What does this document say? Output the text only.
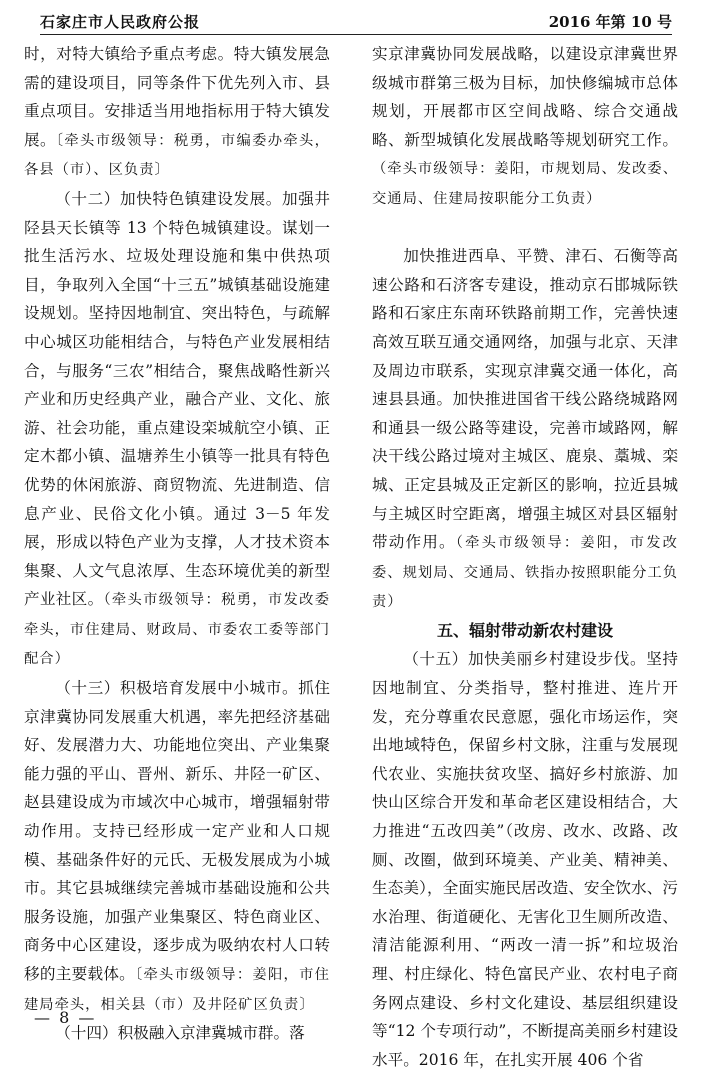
石家庄市人民政府公报	2016 年第 10 号

时，对特大镇给予重点考虑。特大镇发展急需的建设项目，同等条件下优先列入市、县重点项目。安排适当用地指标用于特大镇发展。〔牵头市级领导：税勇，市编委办牵头，各县（市）、区负责〕

（十二）加快特色镇建设发展。加强井陉县天长镇等 13 个特色城镇建设。谋划一批生活污水、垃圾处理设施和集中供热项目，争取列入全国“十三五”城镇基础设施建设规划。坚持因地制宜、突出特色，与疏解中心城区功能相结合，与特色产业发展相结合，与服务“三农”相结合，聚焦战略性新兴产业和历史经典产业，融合产业、文化、旅游、社会功能，重点建设栾城航空小镇、正定木都小镇、温塘养生小镇等一批具有特色优势的休闲旅游、商贸物流、先进制造、信息产业、民俗文化小镇。通过 3－5 年发展，形成以特色产业为支撑，人才技术资本集聚、人文气息浓厚、生态环境优美的新型产业社区。（牵头市级领导：税勇，市发改委牵头，市住建局、财政局、市委农工委等部门配合）

（十三）积极培育发展中小城市。抓住京津冀协同发展重大机遇，率先把经济基础好、发展潜力大、功能地位突出、产业集聚能力强的平山、晋州、新乐、井陉一矿区、赵县建设成为市域次中心城市，增强辐射带动作用。支持已经形成一定产业和人口规模、基础条件好的元氏、无极发展成为小城市。其它县城继续完善城市基础设施和公共服务设施，加强产业集聚区、特色商业区、商务中心区建设，逐步成为吸纳农村人口转移的主要载体。〔牵头市级领导：姜阳，市住建局牵头，相关县（市）及井陉矿区负责〕

（十四）积极融入京津冀城市群。落

实京津冀协同发展战略，以建设京津冀世界级城市群第三极为目标，加快修编城市总体规划，开展都市区空间战略、综合交通战略、新型城镇化发展战略等规划研究工作。（牵头市级领导：姜阳，市规划局、发改委、交通局、住建局按职能分工负责）

加快推进西阜、平赞、津石、石衡等高速公路和石济客专建设，推动京石邯城际铁路和石家庄东南环铁路前期工作，完善快速高效互联互通交通网络，加强与北京、天津及周边市联系，实现京津冀交通一体化，高速县县通。加快推进国省干线公路绕城路网和通县一级公路等建设，完善市域路网，解决干线公路过境对主城区、鹿泉、藁城、栾城、正定县城及正定新区的影响，拉近县城与主城区时空距离，增强主城区对县区辐射带动作用。（牵头市级领导：姜阳，市发改委、规划局、交通局、铁指办按照职能分工负责）

五、辐射带动新农村建设

（十五）加快美丽乡村建设步伐。坚持因地制宜、分类指导，整村推进、连片开发，充分尊重农民意愿，强化市场运作，突出地域特色，保留乡村文脉，注重与发展现代农业、实施扶贫攻坚、搞好乡村旅游、加快山区综合开发和革命老区建设相结合，大力推进“五改四美”（改房、改水、改路、改厕、改圈，做到环境美、产业美、精神美、生态美），全面实施民居改造、安全饮水、污水治理、街道硬化、无害化卫生厕所改造、清洁能源利用、“两改一清一拆”和垃圾治理、村庄绿化、特色富民产业、农村电子商务网点建设、乡村文化建设、基层组织建设等“12 个专项行动”，不断提高美丽乡村建设水平。2016 年，在扎实开展 406 个省

— 8 —
